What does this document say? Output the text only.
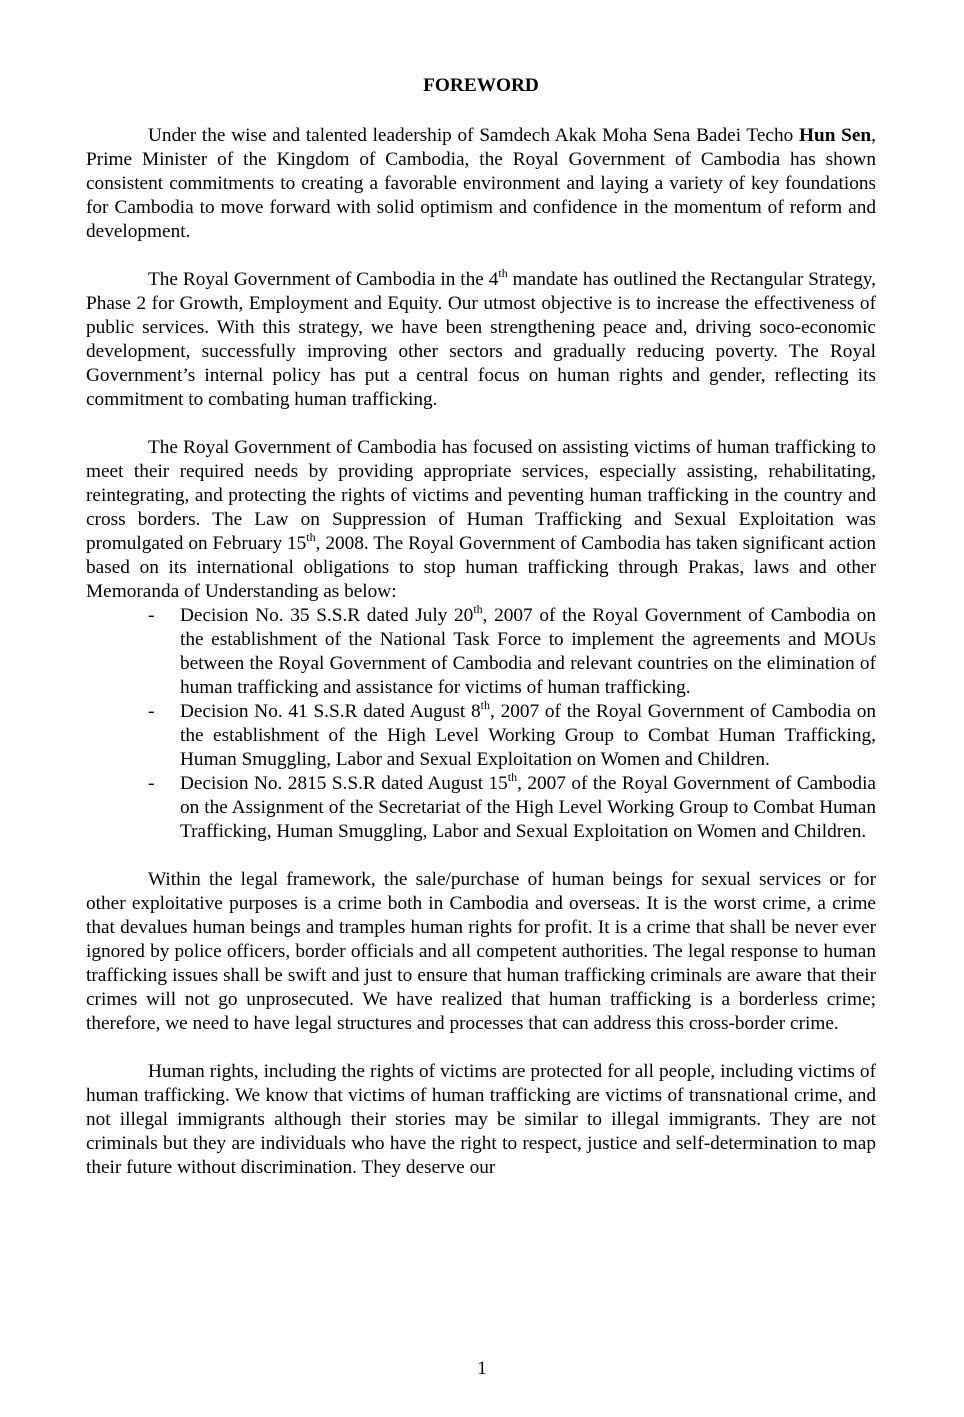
FOREWORD

Under the wise and talented leadership of Samdech Akak Moha Sena Badei Techo Hun Sen, Prime Minister of the Kingdom of Cambodia, the Royal Government of Cambodia has shown consistent commitments to creating a favorable environment and laying a variety of key foundations for Cambodia to move forward with solid optimism and confidence in the momentum of reform and development.

The Royal Government of Cambodia in the 4th mandate has outlined the Rectangular Strategy, Phase 2 for Growth, Employment and Equity. Our utmost objective is to increase the effectiveness of public services. With this strategy, we have been strengthening peace and, driving soco-economic development, successfully improving other sectors and gradually reducing poverty. The Royal Government’s internal policy has put a central focus on human rights and gender, reflecting its commitment to combating human trafficking.

The Royal Government of Cambodia has focused on assisting victims of human trafficking to meet their required needs by providing appropriate services, especially assisting, rehabilitating, reintegrating, and protecting the rights of victims and peventing human trafficking in the country and cross borders. The Law on Suppression of Human Trafficking and Sexual Exploitation was promulgated on February 15th, 2008. The Royal Government of Cambodia has taken significant action based on its international obligations to stop human trafficking through Prakas, laws and other Memoranda of Understanding as below:

- Decision No. 35 S.S.R dated July 20th, 2007 of the Royal Government of Cambodia on the establishment of the National Task Force to implement the agreements and MOUs between the Royal Government of Cambodia and relevant countries on the elimination of human trafficking and assistance for victims of human trafficking.
- Decision No. 41 S.S.R dated August 8th, 2007 of the Royal Government of Cambodia on the establishment of the High Level Working Group to Combat Human Trafficking, Human Smuggling, Labor and Sexual Exploitation on Women and Children.
- Decision No. 2815 S.S.R dated August 15th, 2007 of the Royal Government of Cambodia on the Assignment of the Secretariat of the High Level Working Group to Combat Human Trafficking, Human Smuggling, Labor and Sexual Exploitation on Women and Children.

Within the legal framework, the sale/purchase of human beings for sexual services or for other exploitative purposes is a crime both in Cambodia and overseas. It is the worst crime, a crime that devalues human beings and tramples human rights for profit. It is a crime that shall be never ever ignored by police officers, border officials and all competent authorities. The legal response to human trafficking issues shall be swift and just to ensure that human trafficking criminals are aware that their crimes will not go unprosecuted. We have realized that human trafficking is a borderless crime; therefore, we need to have legal structures and processes that can address this cross-border crime.

Human rights, including the rights of victims are protected for all people, including victims of human trafficking. We know that victims of human trafficking are victims of transnational crime, and not illegal immigrants although their stories may be similar to illegal immigrants. They are not criminals but they are individuals who have the right to respect, justice and self-determination to map their future without discrimination. They deserve our

1
